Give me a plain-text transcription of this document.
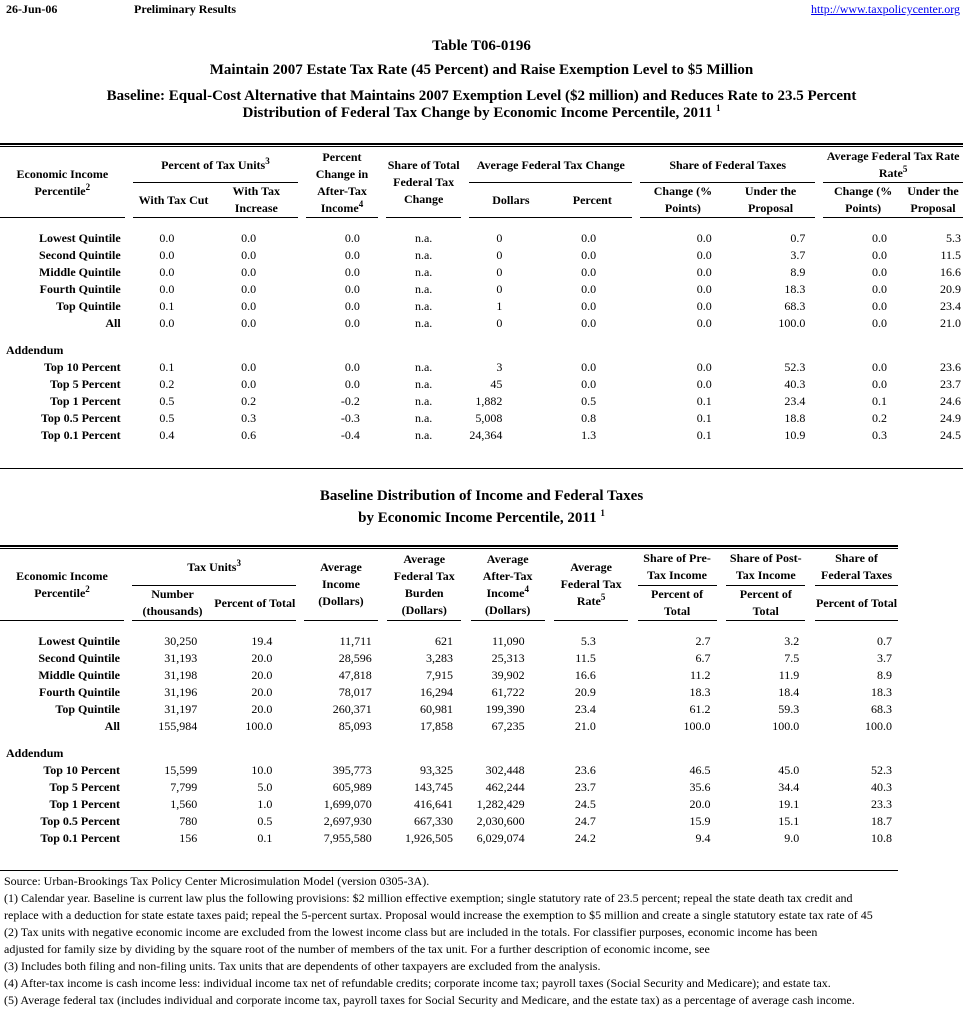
26-Jun-06	Preliminary Results	http://www.taxpolicycenter.org
Table T06-0196
Maintain 2007 Estate Tax Rate (45 Percent) and Raise Exemption Level to $5 Million
Baseline: Equal-Cost Alternative that Maintains 2007 Exemption Level ($2 million) and Reduces Rate to 23.5 Percent
Distribution of Federal Tax Change by Economic Income Percentile, 2011 $^1$
Economic Income
Percentile$^2$		Percent of Tax Units$^3$			Percent Change in After-Tax Income$^4$		Share of Total Federal Tax Change		Average Federal Tax Change			Share of Federal Taxes			Average Federal Tax Rate
Rate$^5$
		With Tax Cut	With Tax Increase						Dollars	Percent		Change (% Points)	Under the Proposal		Change (% Points)	Under the Proposal

Lowest Quintile		0.0	0.0		0.0		n.a.		0	0.0		0.0	0.7		0.0	5.3
Second Quintile		0.0	0.0		0.0		n.a.		0	0.0		0.0	3.7		0.0	11.5
Middle Quintile		0.0	0.0		0.0		n.a.		0	0.0		0.0	8.9		0.0	16.6
Fourth Quintile		0.0	0.0		0.0		n.a.		0	0.0		0.0	18.3		0.0	20.9
Top Quintile		0.1	0.0		0.0		n.a.		1	0.0		0.0	68.3		0.0	23.4
All		0.0	0.0		0.0		n.a.		0	0.0		0.0	100.0		0.0	21.0

Addendum																
Top 10 Percent		0.1	0.0		0.0		n.a.		3	0.0		0.0	52.3		0.0	23.6
Top 5 Percent		0.2	0.0		0.0		n.a.		45	0.0		0.0	40.3		0.0	23.7
Top 1 Percent		0.5	0.2		-0.2		n.a.		1,882	0.5		0.1	23.4		0.1	24.6
Top 0.5 Percent		0.5	0.3		-0.3		n.a.		5,008	0.8		0.1	18.8		0.2	24.9
Top 0.1 Percent		0.4	0.6		-0.4		n.a.		24,364	1.3		0.1	10.9		0.3	24.5
Baseline Distribution of Income and Federal Taxes
by Economic Income Percentile, 2011 $^1$
Economic Income
Percentile$^2$		Tax Units$^3$			Average Income (Dollars)		Average Federal Tax Burden (Dollars)		Average After-Tax Income$^4$
(Dollars)		Average Federal Tax Rate$^5$		Share of Pre-Tax Income		Share of Post-Tax Income		Share of Federal Taxes
		Number (thousands)	Percent of Total										Percent of Total		Percent of Total		Percent of Total

Lowest Quintile		30,250	19.4		11,711		621		11,090		5.3		2.7		3.2		0.7
Second Quintile		31,193	20.0		28,596		3,283		25,313		11.5		6.7		7.5		3.7
Middle Quintile		31,198	20.0		47,818		7,915		39,902		16.6		11.2		11.9		8.9
Fourth Quintile		31,196	20.0		78,017		16,294		61,722		20.9		18.3		18.4		18.3
Top Quintile		31,197	20.0		260,371		60,981		199,390		23.4		61.2		59.3		68.3
All		155,984	100.0		85,093		17,858		67,235		21.0		100.0		100.0		100.0

Addendum																	
Top 10 Percent		15,599	10.0		395,773		93,325		302,448		23.6		46.5		45.0		52.3
Top 5 Percent		7,799	5.0		605,989		143,745		462,244		23.7		35.6		34.4		40.3
Top 1 Percent		1,560	1.0		1,699,070		416,641		1,282,429		24.5		20.0		19.1		23.3
Top 0.5 Percent		780	0.5		2,697,930		667,330		2,030,600		24.7		15.9		15.1		18.7
Top 0.1 Percent		156	0.1		7,955,580		1,926,505		6,029,074		24.2		9.4		9.0		10.8
Source: Urban-Brookings Tax Policy Center Microsimulation Model (version 0305-3A).
(1) Calendar year. Baseline is current law plus the following provisions: $2 million effective exemption; single statutory rate of 23.5 percent; repeal the state death tax credit and
replace with a deduction for state estate taxes paid; repeal the 5-percent surtax. Proposal would increase the exemption to $5 million and create a single statutory estate tax rate of 45
(2) Tax units with negative economic income are excluded from the lowest income class but are included in the totals. For classifier purposes, economic income has been
adjusted for family size by dividing by the square root of the number of members of the tax unit. For a further description of economic income, see
(3) Includes both filing and non-filing units. Tax units that are dependents of other taxpayers are excluded from the analysis.
(4) After-tax income is cash income less: individual income tax net of refundable credits; corporate income tax; payroll taxes (Social Security and Medicare); and estate tax.
(5) Average federal tax (includes individual and corporate income tax, payroll taxes for Social Security and Medicare, and the estate tax) as a percentage of average cash income.
